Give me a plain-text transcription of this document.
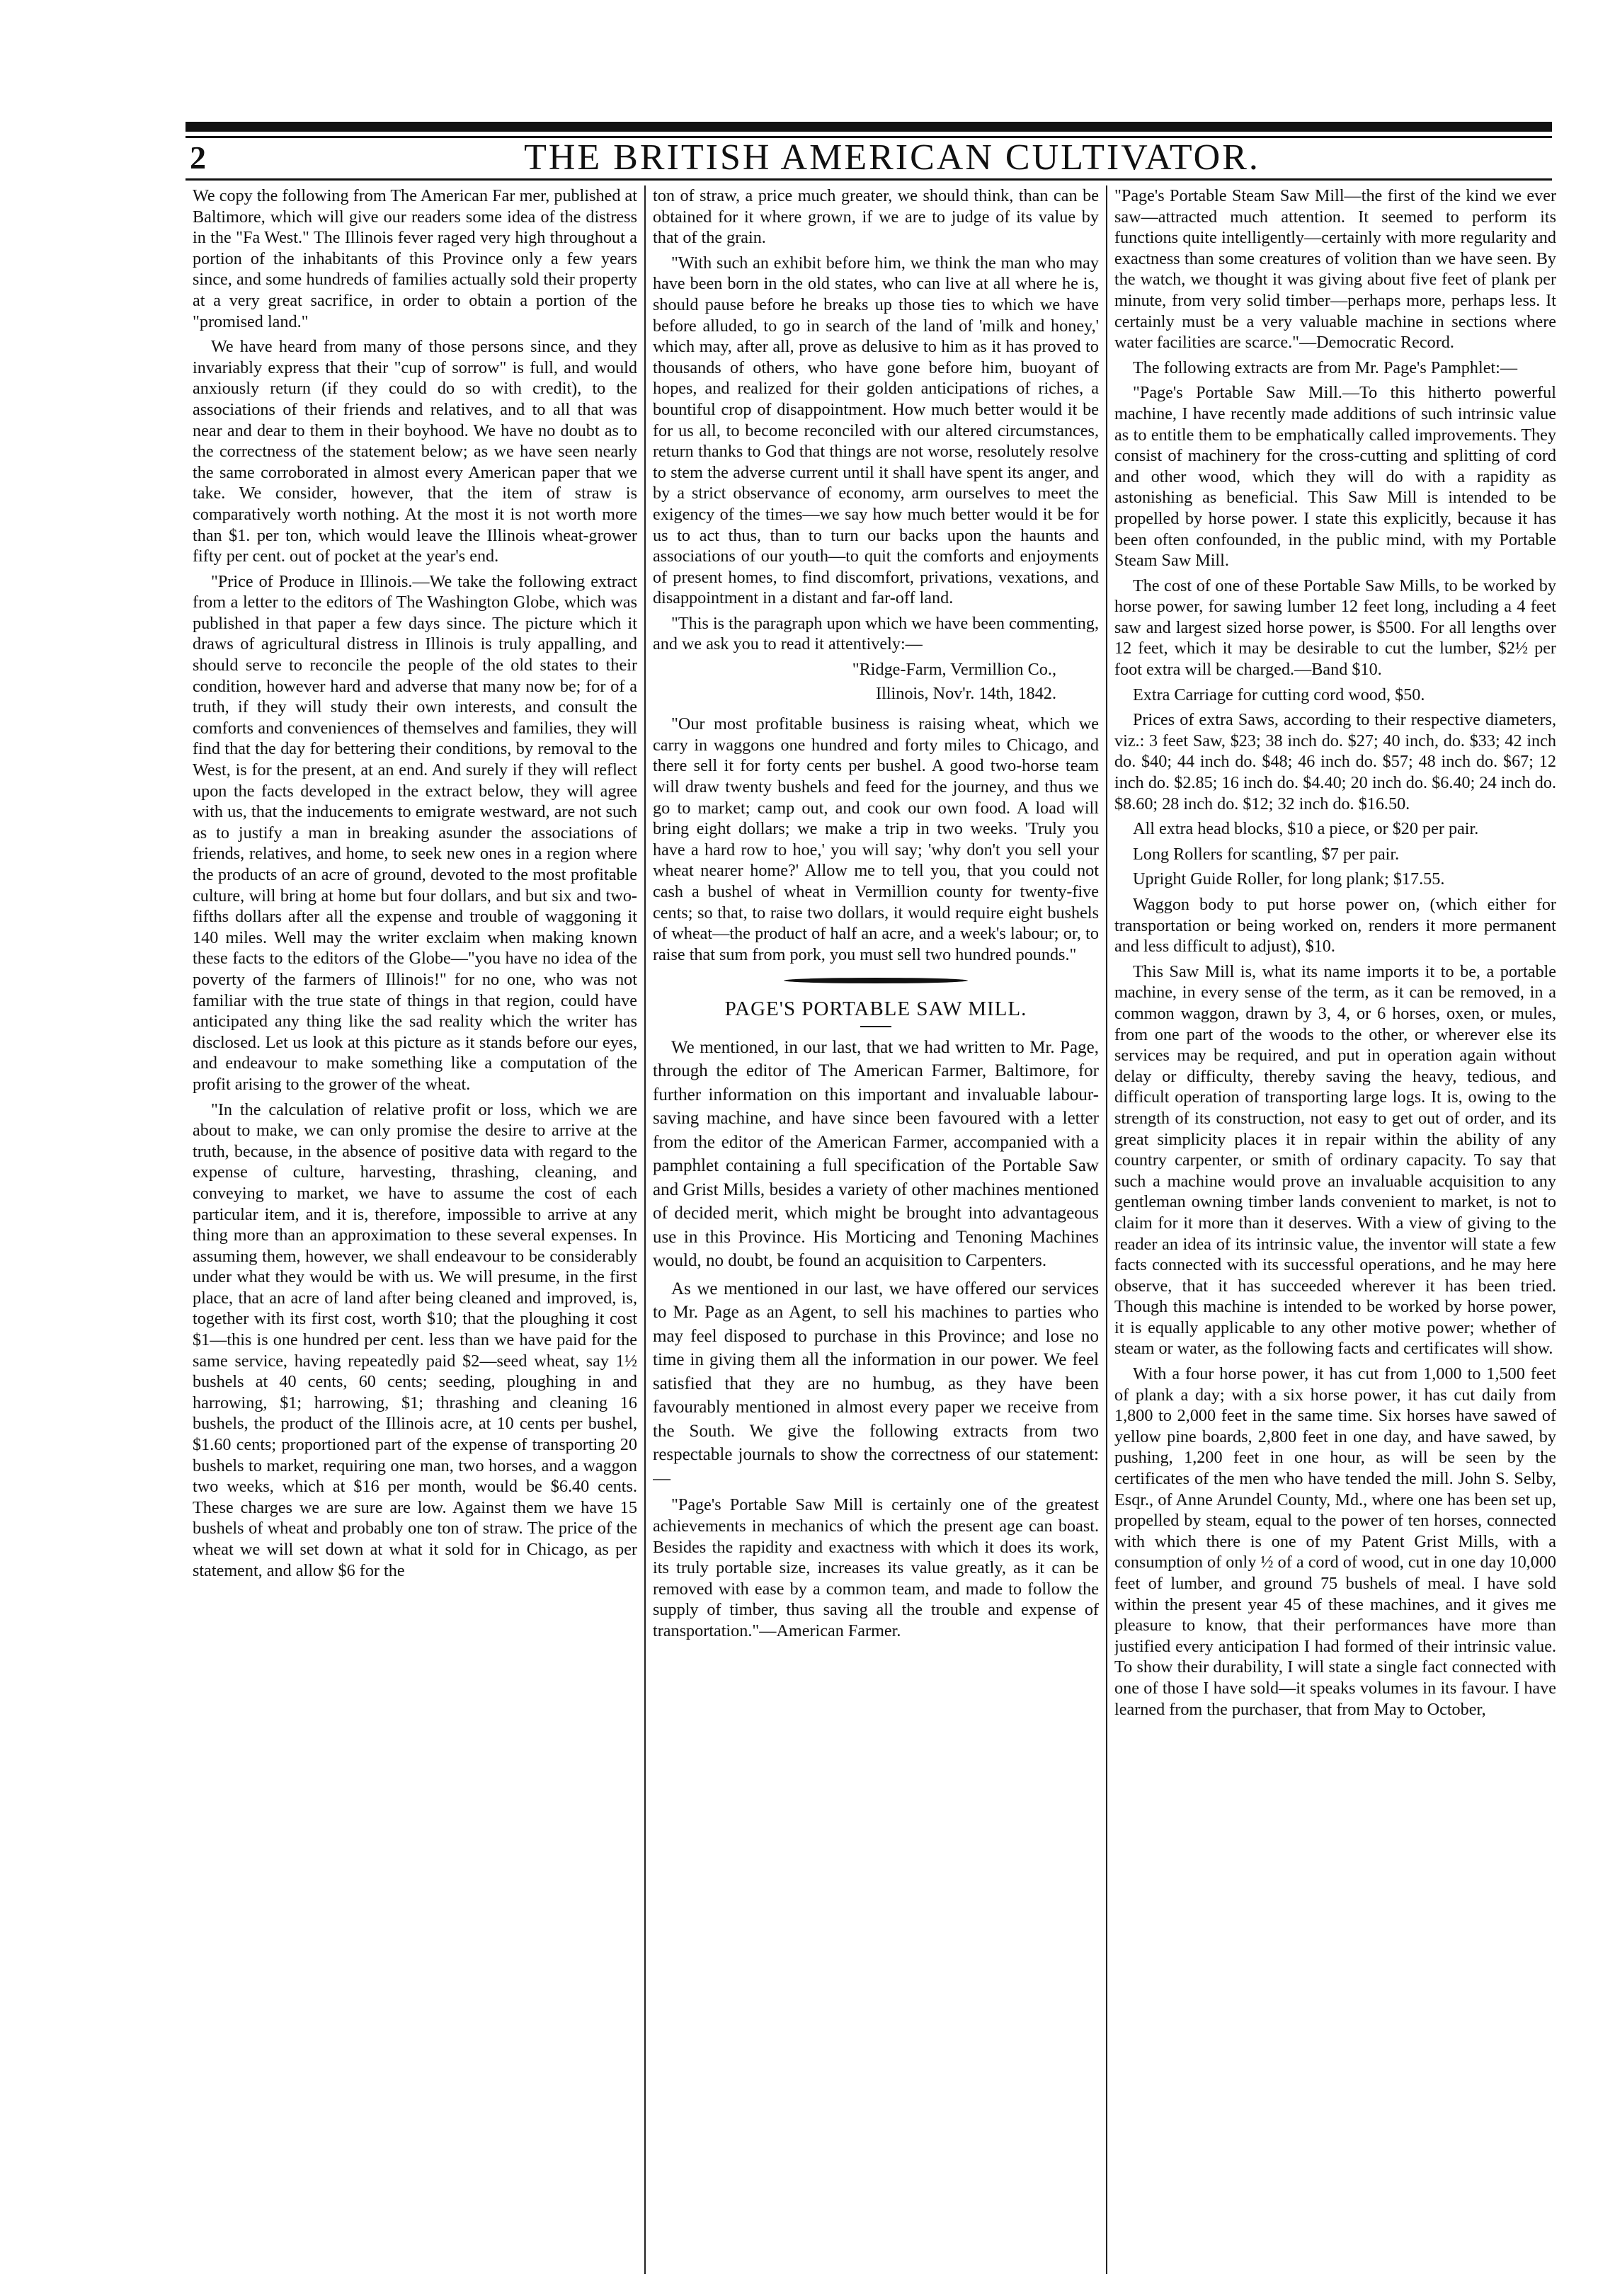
2	THE BRITISH AMERICAN CULTIVATOR.

We copy the following from The American Far mer, published at Baltimore, which will give our readers some idea of the distress in the "Fa West." The Illinois fever raged very high throughout a portion of the inhabitants of this Province only a few years since, and some hundreds of families actually sold their property at a very great sacrifice, in order to obtain a portion of the "promised land."

We have heard from many of those persons since, and they invariably express that their "cup of sorrow" is full, and would anxiously return (if they could do so with credit), to the associations of their friends and relatives, and to all that was near and dear to them in their boyhood. We have no doubt as to the correctness of the statement below; as we have seen nearly the same corroborated in almost every American paper that we take. We consider, however, that the item of straw is comparatively worth nothing. At the most it is not worth more than $1. per ton, which would leave the Illinois wheat-grower fifty per cent. out of pocket at the year's end.

"Price of Produce in Illinois.—We take the following extract from a letter to the editors of The Washington Globe, which was published in that paper a few days since. The picture which it draws of agricultural distress in Illinois is truly appalling, and should serve to reconcile the people of the old states to their condition, however hard and adverse that many now be; for of a truth, if they will study their own interests, and consult the comforts and conveniences of themselves and families, they will find that the day for bettering their conditions, by removal to the West, is for the present, at an end. And surely if they will reflect upon the facts developed in the extract below, they will agree with us, that the inducements to emigrate westward, are not such as to justify a man in breaking asunder the associations of friends, relatives, and home, to seek new ones in a region where the products of an acre of ground, devoted to the most profitable culture, will bring at home but four dollars, and but six and two-fifths dollars after all the expense and trouble of waggoning it 140 miles. Well may the writer exclaim when making known these facts to the editors of the Globe—"you have no idea of the poverty of the farmers of Illinois!" for no one, who was not familiar with the true state of things in that region, could have anticipated any thing like the sad reality which the writer has disclosed. Let us look at this picture as it stands before our eyes, and endeavour to make something like a computation of the profit arising to the grower of the wheat.

"In the calculation of relative profit or loss, which we are about to make, we can only promise the desire to arrive at the truth, because, in the absence of positive data with regard to the expense of culture, harvesting, thrashing, cleaning, and conveying to market, we have to assume the cost of each particular item, and it is, therefore, impossible to arrive at any thing more than an approximation to these several expenses. In assuming them, however, we shall endeavour to be considerably under what they would be with us. We will presume, in the first place, that an acre of land after being cleaned and improved, is, together with its first cost, worth $10; that the ploughing it cost $1—this is one hundred per cent. less than we have paid for the same service, having repeatedly paid $2—seed wheat, say 1½ bushels at 40 cents, 60 cents; seeding, ploughing in and harrowing, $1; harrowing, $1; thrashing and cleaning 16 bushels, the product of the Illinois acre, at 10 cents per bushel, $1.60 cents; proportioned part of the expense of transporting 20 bushels to market, requiring one man, two horses, and a waggon two weeks, which at $16 per month, would be $6.40 cents. These charges we are sure are low. Against them we have 15 bushels of wheat and probably one ton of straw. The price of the wheat we will set down at what it sold for in Chicago, as per statement, and allow $6 for the

ton of straw, a price much greater, we should think, than can be obtained for it where grown, if we are to judge of its value by that of the grain.

"With such an exhibit before him, we think the man who may have been born in the old states, who can live at all where he is, should pause before he breaks up those ties to which we have before alluded, to go in search of the land of 'milk and honey,' which may, after all, prove as delusive to him as it has proved to thousands of others, who have gone before him, buoyant of hopes, and realized for their golden anticipations of riches, a bountiful crop of disappointment. How much better would it be for us all, to become reconciled with our altered circumstances, return thanks to God that things are not worse, resolutely resolve to stem the adverse current until it shall have spent its anger, and by a strict observance of economy, arm ourselves to meet the exigency of the times—we say how much better would it be for us to act thus, than to turn our backs upon the haunts and associations of our youth—to quit the comforts and enjoyments of present homes, to find discomfort, privations, vexations, and disappointment in a distant and far-off land.

"This is the paragraph upon which we have been commenting, and we ask you to read it attentively:—

"Ridge-Farm, Vermillion Co.,

Illinois, Nov'r. 14th, 1842.

"Our most profitable business is raising wheat, which we carry in waggons one hundred and forty miles to Chicago, and there sell it for forty cents per bushel. A good two-horse team will draw twenty bushels and feed for the journey, and thus we go to market; camp out, and cook our own food. A load will bring eight dollars; we make a trip in two weeks. 'Truly you have a hard row to hoe,' you will say; 'why don't you sell your wheat nearer home?' Allow me to tell you, that you could not cash a bushel of wheat in Vermillion county for twenty-five cents; so that, to raise two dollars, it would require eight bushels of wheat—the product of half an acre, and a week's labour; or, to raise that sum from pork, you must sell two hundred pounds."

PAGE'S PORTABLE SAW MILL.

We mentioned, in our last, that we had written to Mr. Page, through the editor of The American Farmer, Baltimore, for further information on this important and invaluable labour-saving machine, and have since been favoured with a letter from the editor of the American Farmer, accompanied with a pamphlet containing a full specification of the Portable Saw and Grist Mills, besides a variety of other machines mentioned of decided merit, which might be brought into advantageous use in this Province. His Morticing and Tenoning Machines would, no doubt, be found an acquisition to Carpenters.

As we mentioned in our last, we have offered our services to Mr. Page as an Agent, to sell his machines to parties who may feel disposed to purchase in this Province; and lose no time in giving them all the information in our power. We feel satisfied that they are no humbug, as they have been favourably mentioned in almost every paper we receive from the South. We give the following extracts from two respectable journals to show the correctness of our statement:—

"Page's Portable Saw Mill is certainly one of the greatest achievements in mechanics of which the present age can boast. Besides the rapidity and exactness with which it does its work, its truly portable size, increases its value greatly, as it can be removed with ease by a common team, and made to follow the supply of timber, thus saving all the trouble and expense of transportation."—American Farmer.

"Page's Portable Steam Saw Mill—the first of the kind we ever saw—attracted much attention. It seemed to perform its functions quite intelligently—certainly with more regularity and exactness than some creatures of volition than we have seen. By the watch, we thought it was giving about five feet of plank per minute, from very solid timber—perhaps more, perhaps less. It certainly must be a very valuable machine in sections where water facilities are scarce."—Democratic Record.

The following extracts are from Mr. Page's Pamphlet:—

"Page's Portable Saw Mill.—To this hitherto powerful machine, I have recently made additions of such intrinsic value as to entitle them to be emphatically called improvements. They consist of machinery for the cross-cutting and splitting of cord and other wood, which they will do with a rapidity as astonishing as beneficial. This Saw Mill is intended to be propelled by horse power. I state this explicitly, because it has been often confounded, in the public mind, with my Portable Steam Saw Mill.

The cost of one of these Portable Saw Mills, to be worked by horse power, for sawing lumber 12 feet long, including a 4 feet saw and largest sized horse power, is $500. For all lengths over 12 feet, which it may be desirable to cut the lumber, $2½ per foot extra will be charged.—Band $10.

Extra Carriage for cutting cord wood, $50.

Prices of extra Saws, according to their respective diameters, viz.: 3 feet Saw, $23; 38 inch do. $27; 40 inch, do. $33; 42 inch do. $40; 44 inch do. $48; 46 inch do. $57; 48 inch do. $67; 12 inch do. $2.85; 16 inch do. $4.40; 20 inch do. $6.40; 24 inch do. $8.60; 28 inch do. $12; 32 inch do. $16.50.

All extra head blocks, $10 a piece, or $20 per pair.

Long Rollers for scantling, $7 per pair.

Upright Guide Roller, for long plank; $17.55.

Waggon body to put horse power on, (which either for transportation or being worked on, renders it more permanent and less difficult to adjust), $10.

This Saw Mill is, what its name imports it to be, a portable machine, in every sense of the term, as it can be removed, in a common waggon, drawn by 3, 4, or 6 horses, oxen, or mules, from one part of the woods to the other, or wherever else its services may be required, and put in operation again without delay or difficulty, thereby saving the heavy, tedious, and difficult operation of transporting large logs. It is, owing to the strength of its construction, not easy to get out of order, and its great simplicity places it in repair within the ability of any country carpenter, or smith of ordinary capacity. To say that such a machine would prove an invaluable acquisition to any gentleman owning timber lands convenient to market, is not to claim for it more than it deserves. With a view of giving to the reader an idea of its intrinsic value, the inventor will state a few facts connected with its successful operations, and he may here observe, that it has succeeded wherever it has been tried. Though this machine is intended to be worked by horse power, it is equally applicable to any other motive power; whether of steam or water, as the following facts and certificates will show.

With a four horse power, it has cut from 1,000 to 1,500 feet of plank a day; with a six horse power, it has cut daily from 1,800 to 2,000 feet in the same time. Six horses have sawed of yellow pine boards, 2,800 feet in one day, and have sawed, by pushing, 1,200 feet in one hour, as will be seen by the certificates of the men who have tended the mill. John S. Selby, Esqr., of Anne Arundel County, Md., where one has been set up, propelled by steam, equal to the power of ten horses, connected with which there is one of my Patent Grist Mills, with a consumption of only ½ of a cord of wood, cut in one day 10,000 feet of lumber, and ground 75 bushels of meal. I have sold within the present year 45 of these machines, and it gives me pleasure to know, that their performances have more than justified every anticipation I had formed of their intrinsic value. To show their durability, I will state a single fact connected with one of those I have sold—it speaks volumes in its favour. I have learned from the purchaser, that from May to October,
